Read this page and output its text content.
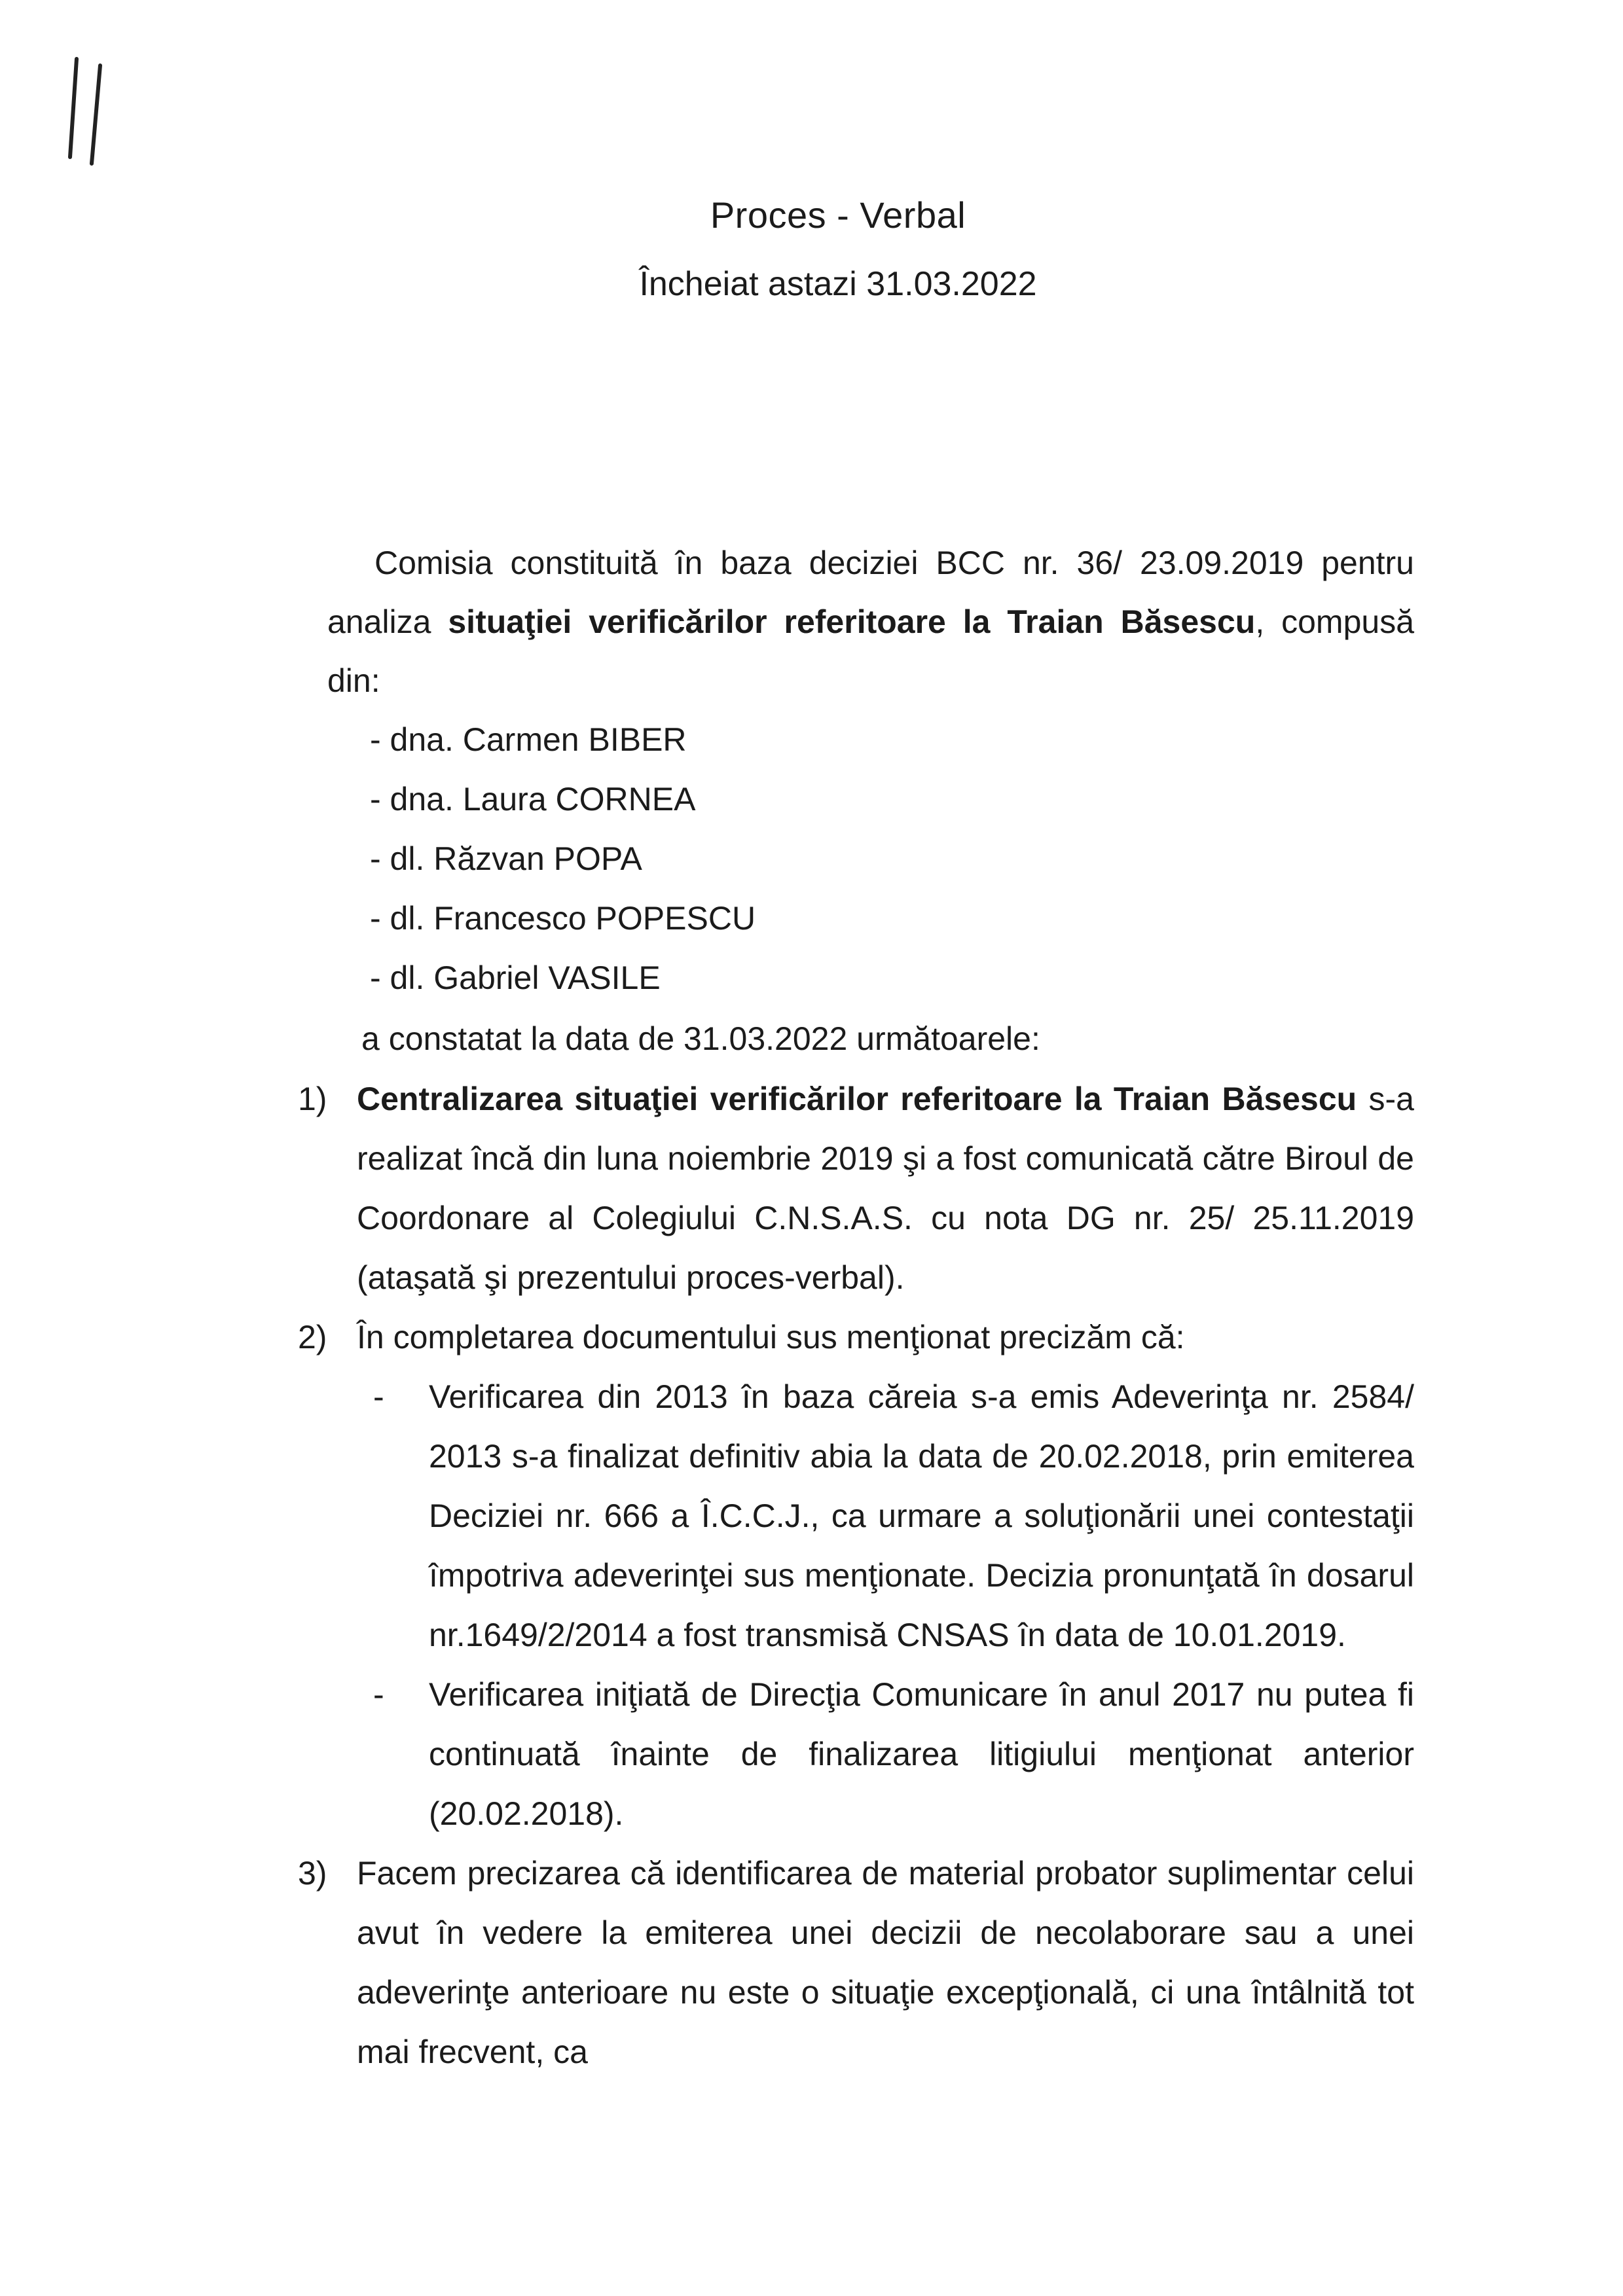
Proces - Verbal
Încheiat astazi 31.03.2022
Comisia constituită în baza deciziei BCC nr. 36/ 23.09.2019 pentru analiza situaţiei verificărilor referitoare la Traian Băsescu, compusă din:
- dna. Carmen BIBER
- dna. Laura CORNEA
- dl. Răzvan POPA
- dl. Francesco POPESCU
- dl. Gabriel VASILE
a constatat la data de 31.03.2022 următoarele:
1) Centralizarea situaţiei verificărilor referitoare la Traian Băsescu s-a realizat încă din luna noiembrie 2019 şi a fost comunicată către Biroul de Coordonare al Colegiului C.N.S.A.S. cu nota DG nr. 25/ 25.11.2019 (ataşată şi prezentului proces-verbal).
2) În completarea documentului sus menţionat precizăm că:
- Verificarea din 2013 în baza căreia s-a emis Adeverinţa nr. 2584/ 2013 s-a finalizat definitiv abia la data de 20.02.2018, prin emiterea Deciziei nr. 666 a Î.C.C.J., ca urmare a soluţionării unei contestaţii împotriva adeverinţei sus menţionate. Decizia pronunţată în dosarul nr.1649/2/2014 a fost transmisă CNSAS în data de 10.01.2019.
- Verificarea iniţiată de Direcţia Comunicare în anul 2017 nu putea fi continuată înainte de finalizarea litigiului menţionat anterior (20.02.2018).
3) Facem precizarea că identificarea de material probator suplimentar celui avut în vedere la emiterea unei decizii de necolaborare sau a unei adeverinţe anterioare nu este o situaţie excepţională, ci una întâlnită tot mai frecvent, ca
